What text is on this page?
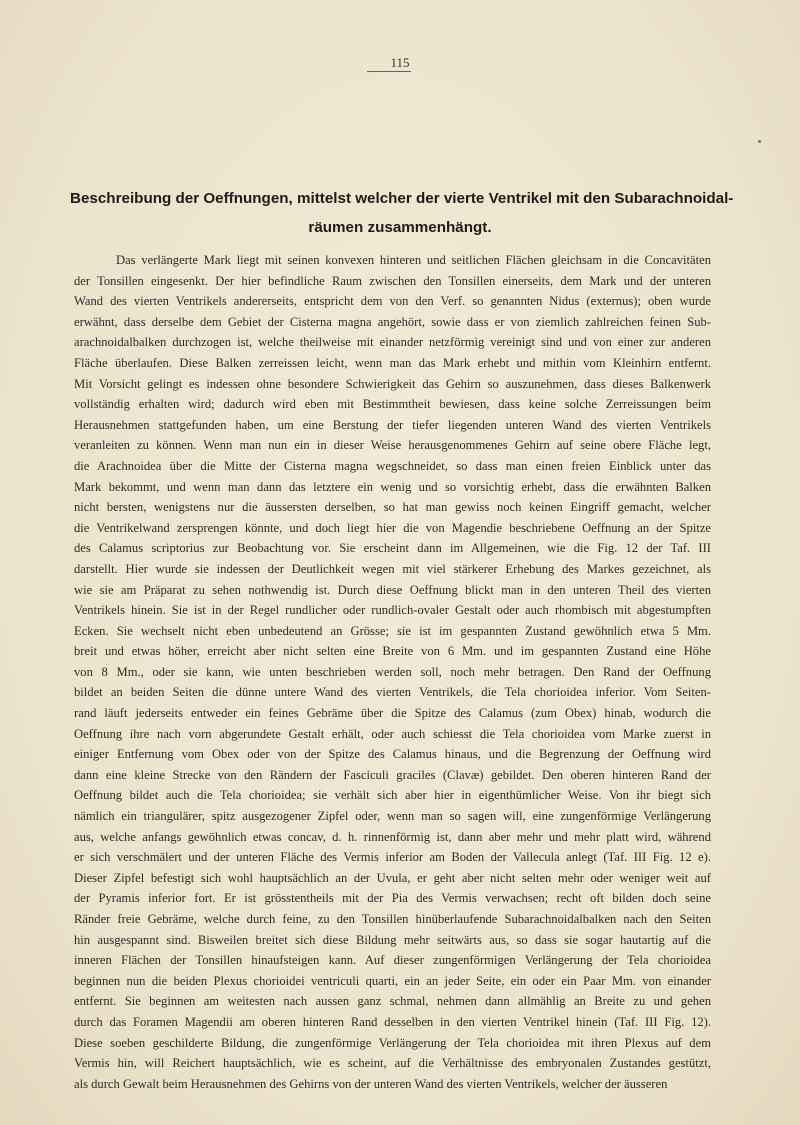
115
Beschreibung der Oeffnungen, mittelst welcher der vierte Ventrikel mit den Subarachnoidal-
räumen zusammenhängt.
Das verlängerte Mark liegt mit seinen konvexen hinteren und seitlichen Flächen gleichsam in die Concavitäten
der Tonsillen eingesenkt. Der hier befindliche Raum zwischen den Tonsillen einerseits, dem Mark und der unteren
Wand des vierten Ventrikels andererseits, entspricht dem von den Verf. so genannten Nidus (externus); oben wurde
erwähnt, dass derselbe dem Gebiet der Cisterna magna angehört, sowie dass er von ziemlich zahlreichen feinen Sub-
arachnoidalbalken durchzogen ist, welche theilweise mit einander netzförmig vereinigt sind und von einer zur anderen
Fläche überlaufen. Diese Balken zerreissen leicht, wenn man das Mark erhebt und mithin vom Kleinhirn entfernt.
Mit Vorsicht gelingt es indessen ohne besondere Schwierigkeit das Gehirn so auszunehmen, dass dieses Balkenwerk
vollständig erhalten wird; dadurch wird eben mit Bestimmtheit bewiesen, dass keine solche Zerreissungen beim
Herausnehmen stattgefunden haben, um eine Berstung der tiefer liegenden unteren Wand des vierten Ventrikels
veranleiten zu können. Wenn man nun ein in dieser Weise herausgenommenes Gehirn auf seine obere Fläche legt,
die Arachnoidea über die Mitte der Cisterna magna wegschneidet, so dass man einen freien Einblick unter das
Mark bekommt, und wenn man dann das letztere ein wenig und so vorsichtig erhebt, dass die erwähnten Balken
nicht bersten, wenigstens nur die äussersten derselben, so hat man gewiss noch keinen Eingriff gemacht, welcher
die Ventrikelwand zersprengen könnte, und doch liegt hier die von Magendie beschriebene Oeffnung an der Spitze
des Calamus scriptorius zur Beobachtung vor. Sie erscheint dann im Allgemeinen, wie die Fig. 12 der Taf. III
darstellt. Hier wurde sie indessen der Deutlichkeit wegen mit viel stärkerer Erhebung des Markes gezeichnet, als
wie sie am Präparat zu sehen nothwendig ist. Durch diese Oeffnung blickt man in den unteren Theil des vierten
Ventrikels hinein. Sie ist in der Regel rundlicher oder rundlich-ovaler Gestalt oder auch rhombisch mit abgestumpften
Ecken. Sie wechselt nicht eben unbedeutend an Grösse; sie ist im gespannten Zustand gewöhnlich etwa 5 Mm.
breit und etwas höher, erreicht aber nicht selten eine Breite von 6 Mm. und im gespannten Zustand eine Höhe
von 8 Mm., oder sie kann, wie unten beschrieben werden soll, noch mehr betragen. Den Rand der Oeffnung
bildet an beiden Seiten die dünne untere Wand des vierten Ventrikels, die Tela chorioidea inferior. Vom Seiten-
rand läuft jederseits entweder ein feines Gebräme über die Spitze des Calamus (zum Obex) hinab, wodurch die
Oeffnung ihre nach vorn abgerundete Gestalt erhält, oder auch schiesst die Tela chorioidea vom Marke zuerst in
einiger Entfernung vom Obex oder von der Spitze des Calamus hinaus, und die Begrenzung der Oeffnung wird
dann eine kleine Strecke von den Rändern der Fasciculi graciles (Clavæ) gebildet. Den oberen hinteren Rand der
Oeffnung bildet auch die Tela chorioidea; sie verhält sich aber hier in eigenthümlicher Weise. Von ihr biegt sich
nämlich ein triangulärer, spitz ausgezogener Zipfel oder, wenn man so sagen will, eine zungenförmige Verlängerung
aus, welche anfangs gewöhnlich etwas concav, d. h. rinnenförmig ist, dann aber mehr und mehr platt wird, während
er sich verschmälert und der unteren Fläche des Vermis inferior am Boden der Vallecula anlegt (Taf. III Fig. 12 e).
Dieser Zipfel befestigt sich wohl hauptsächlich an der Uvula, er geht aber nicht selten mehr oder weniger weit auf
der Pyramis inferior fort. Er ist grösstentheils mit der Pia des Vermis verwachsen; recht oft bilden doch seine
Ränder freie Gebräme, welche durch feine, zu den Tonsillen hinüberlaufende Subarachnoidalbalken nach den Seiten
hin ausgespannt sind. Bisweilen breitet sich diese Bildung mehr seitwärts aus, so dass sie sogar hautartig auf die
inneren Flächen der Tonsillen hinaufsteigen kann. Auf dieser zungenförmigen Verlängerung der Tela chorioidea
beginnen nun die beiden Plexus chorioidei ventriculi quarti, ein an jeder Seite, ein oder ein Paar Mm. von einander
entfernt. Sie beginnen am weitesten nach aussen ganz schmal, nehmen dann allmählig an Breite zu und gehen
durch das Foramen Magendii am oberen hinteren Rand desselben in den vierten Ventrikel hinein (Taf. III Fig. 12).
Diese soeben geschilderte Bildung, die zungenförmige Verlängerung der Tela chorioidea mit ihren Plexus auf dem
Vermis hin, will Reichert hauptsächlich, wie es scheint, auf die Verhältnisse des embryonalen Zustandes gestützt,
als durch Gewalt beim Herausnehmen des Gehirns von der unteren Wand des vierten Ventrikels, welcher der äusseren
